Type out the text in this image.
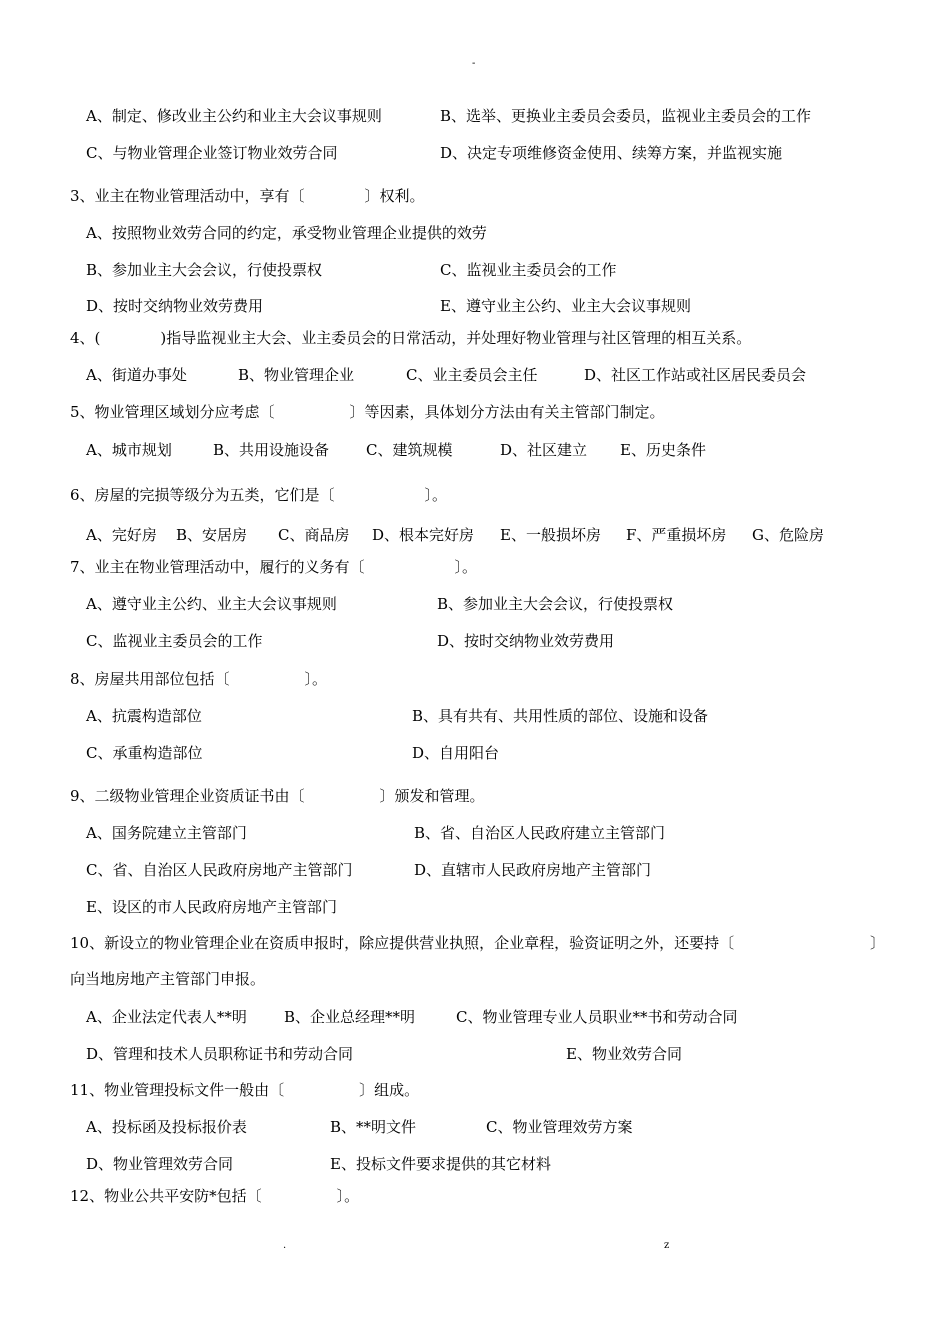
-
A、制定、修改业主公约和业主大会议事规则	B、选举、更换业主委员会委员，监视业主委员会的工作
C、与物业管理企业签订物业效劳合同	D、决定专项维修资金使用、续筹方案，并监视实施
3、业主在物业管理活动中，享有〔　　　　〕权利。
A、按照物业效劳合同的约定，承受物业管理企业提供的效劳
B、参加业主大会会议，行使投票权	C、监视业主委员会的工作
D、按时交纳物业效劳费用	E、遵守业主公约、业主大会议事规则
4、(　　　　)指导监视业主大会、业主委员会的日常活动，并处理好物业管理与社区管理的相互关系。
A、街道办事处	B、物业管理企业	C、业主委员会主任	D、社区工作站或社区居民委员会
5、物业管理区域划分应考虑〔　　　　　〕等因素，具体划分方法由有关主管部门制定。
A、城市规划	B、共用设施设备 C、建筑规模	D、社区建立 E、历史条件
6、房屋的完损等级分为五类，它们是〔　　　　　　〕。
A、完好房 B、安居房 C、商品房 D、根本完好房 E、一般损坏房 F、严重损坏房 G、危险房
7、业主在物业管理活动中，履行的义务有〔　　　　　　〕。
A、遵守业主公约、业主大会议事规则	B、参加业主大会会议，行使投票权
C、监视业主委员会的工作	D、按时交纳物业效劳费用
8、房屋共用部位包括〔　　　　　〕。
A、抗震构造部位	B、具有共有、共用性质的部位、设施和设备
C、承重构造部位	D、自用阳台
9、二级物业管理企业资质证书由〔　　　　　〕颁发和管理。
A、国务院建立主管部门	B、省、自治区人民政府建立主管部门
C、省、自治区人民政府房地产主管部门	D、直辖市人民政府房地产主管部门
E、设区的市人民政府房地产主管部门
10、新设立的物业管理企业在资质申报时，除应提供营业执照，企业章程，验资证明之外，还要持〔	〕
向当地房地产主管部门申报。
A、企业法定代表人**明 B、企业总经理**明	C、物业管理专业人员职业**书和劳动合同
D、管理和技术人员职称证书和劳动合同	E、物业效劳合同
11、物业管理投标文件一般由〔　　　　　〕组成。
A、投标函及投标报价表	B、**明文件	C、物业管理效劳方案
D、物业管理效劳合同	E、投标文件要求提供的其它材料
12、物业公共平安防*包括〔　　　　　〕。
.	z
